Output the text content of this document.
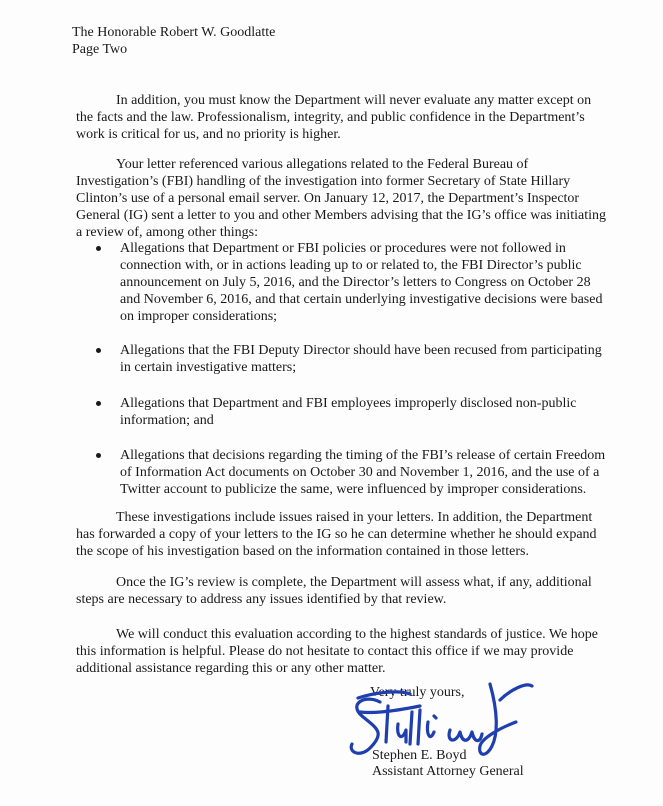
The Honorable Robert W. Goodlatte
Page Two

In addition, you must know the Department will never evaluate any matter except on the facts and the law. Professionalism, integrity, and public confidence in the Department’s work is critical for us, and no priority is higher.

Your letter referenced various allegations related to the Federal Bureau of Investigation’s (FBI) handling of the investigation into former Secretary of State Hillary Clinton’s use of a personal email server. On January 12, 2017, the Department’s Inspector General (IG) sent a letter to you and other Members advising that the IG’s office was initiating a review of, among other things:

Allegations that Department or FBI policies or procedures were not followed in connection with, or in actions leading up to or related to, the FBI Director’s public announcement on July 5, 2016, and the Director’s letters to Congress on October 28 and November 6, 2016, and that certain underlying investigative decisions were based on improper considerations;
Allegations that the FBI Deputy Director should have been recused from participating in certain investigative matters;
Allegations that Department and FBI employees improperly disclosed non-public information; and
Allegations that decisions regarding the timing of the FBI’s release of certain Freedom of Information Act documents on October 30 and November 1, 2016, and the use of a Twitter account to publicize the same, were influenced by improper considerations.

These investigations include issues raised in your letters. In addition, the Department has forwarded a copy of your letters to the IG so he can determine whether he should expand the scope of his investigation based on the information contained in those letters.

Once the IG’s review is complete, the Department will assess what, if any, additional steps are necessary to address any issues identified by that review.

We will conduct this evaluation according to the highest standards of justice. We hope this information is helpful. Please do not hesitate to contact this office if we may provide additional assistance regarding this or any other matter.

Very truly yours,
Stephen E. Boyd
Assistant Attorney General
